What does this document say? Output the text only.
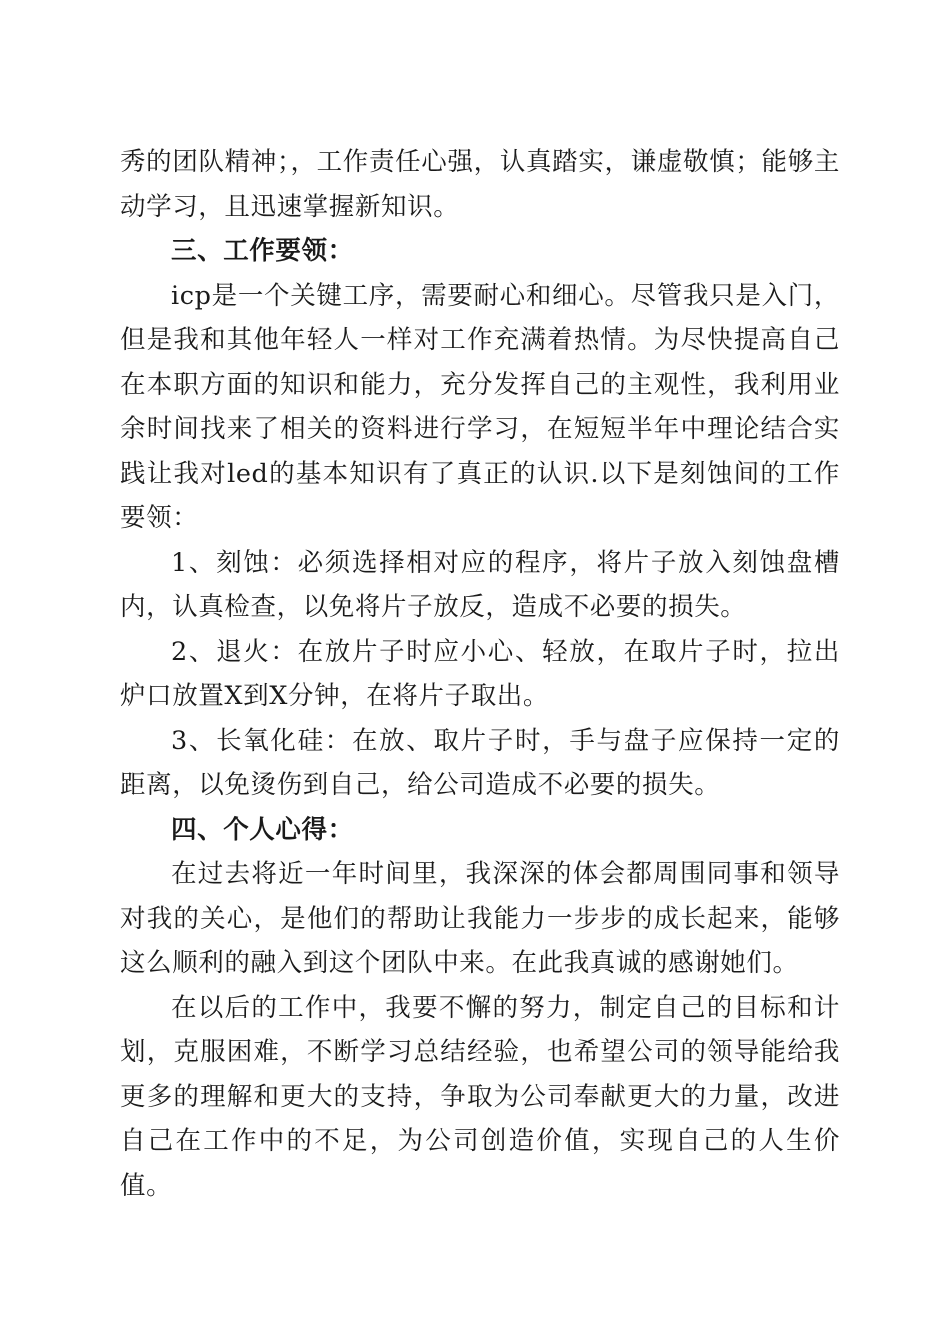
秀的团队精神；，工作责任心强，认真踏实，谦虚敬慎；能够主动学习，且迅速掌握新知识。

三、工作要领：

icp是一个关键工序，需要耐心和细心。尽管我只是入门，但是我和其他年轻人一样对工作充满着热情。为尽快提高自己在本职方面的知识和能力，充分发挥自己的主观性，我利用业余时间找来了相关的资料进行学习，在短短半年中理论结合实践让我对led的基本知识有了真正的认识.以下是刻蚀间的工作要领：

1、刻蚀：必须选择相对应的程序，将片子放入刻蚀盘槽内，认真检查，以免将片子放反，造成不必要的损失。

2、退火：在放片子时应小心、轻放，在取片子时，拉出炉口放置X到X分钟，在将片子取出。

3、长氧化硅：在放、取片子时，手与盘子应保持一定的距离，以免烫伤到自己，给公司造成不必要的损失。

四、个人心得：

在过去将近一年时间里，我深深的体会都周围同事和领导对我的关心，是他们的帮助让我能力一步步的成长起来，能够这么顺利的融入到这个团队中来。在此我真诚的感谢她们。

在以后的工作中，我要不懈的努力，制定自己的目标和计划，克服困难，不断学习总结经验，也希望公司的领导能给我更多的理解和更大的支持，争取为公司奉献更大的力量，改进自己在工作中的不足，为公司创造价值，实现自己的人生价值。
